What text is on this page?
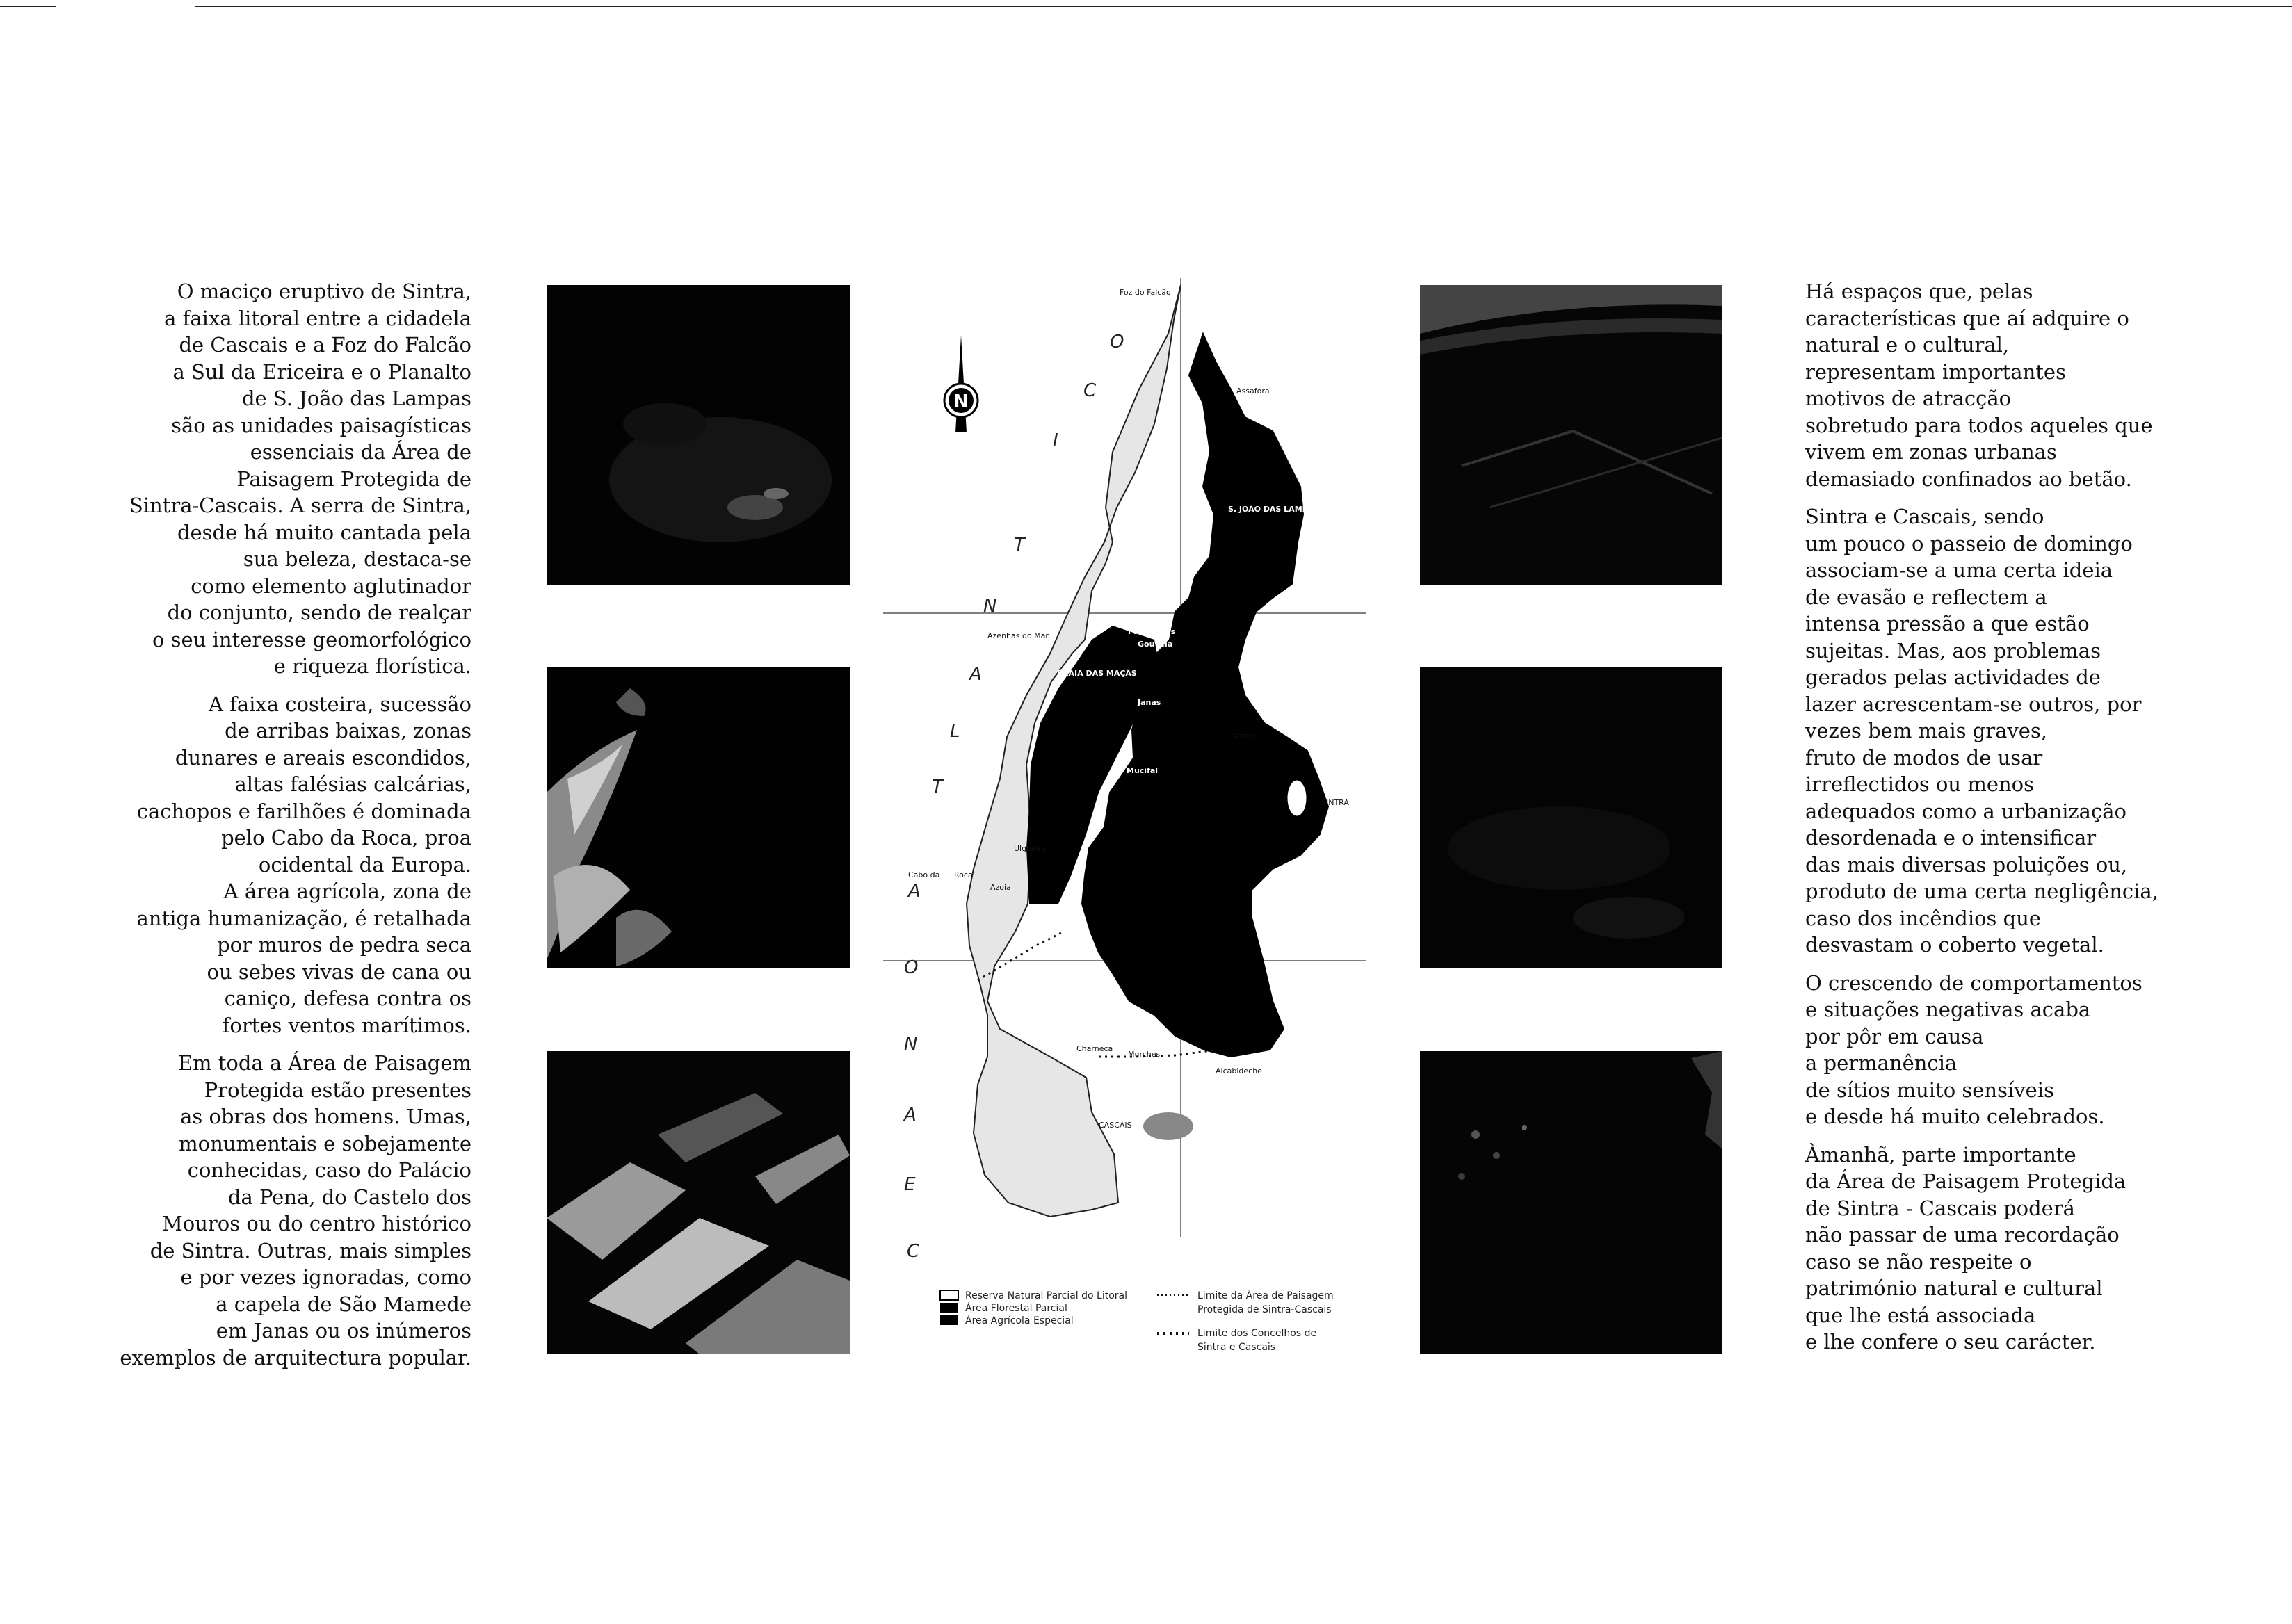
O maciço eruptivo de Sintra,
a faixa litoral entre a cidadela
de Cascais e a Foz do Falcão
a Sul da Ericeira e o Planalto
de S. João das Lampas
são as unidades paisagísticas
essenciais da Área de
Paisagem Protegida de
Sintra-Cascais. A serra de Sintra,
desde há muito cantada pela
sua beleza, destaca-se
como elemento aglutinador
do conjunto, sendo de realçar
o seu interesse geomorfológico
e riqueza florística.

A faixa costeira, sucessão
de arribas baixas, zonas
dunares e areais escondidos,
altas falésias calcárias,
cachopos e farilhões é dominada
pelo Cabo da Roca, proa
ocidental da Europa.
A área agrícola, zona de
antiga humanização, é retalhada
por muros de pedra seca
ou sebes vivas de cana ou
caniço, defesa contra os
fortes ventos marítimos.

Em toda a Área de Paisagem
Protegida estão presentes
as obras dos homens. Umas,
monumentais e sobejamente
conhecidas, caso do Palácio
da Pena, do Castelo dos
Mouros ou do centro histórico
de Sintra. Outras, mais simples
e por vezes ignoradas, como
a capela de São Mamede
em Janas ou os inúmeros
exemplos de arquitectura popular.

N
C
E
A
N
O
A
T
L
A
N
T
I
C
O
Foz do Falcão
Assafora
S. JOÃO DAS LAMPAS
Magoito
Azenhas do Mar	Fontanelas
Gouveia
PRAIA DAS MAÇÃS
Janas
Varzea
Mucifal
SINTRA
Ulgueira
Cabo da Roca
Azoia
Charneca
Murches
Alcabideche
CASCAIS
Reserva Natural Parcial do Litoral
Área Florestal Parcial
Área Agrícola Especial
Limite da Área de Paisagem
Protegida de Sintra-Cascais
Limite dos Concelhos de
Sintra e Cascais

Há espaços que, pelas
características que aí adquire o
natural e o cultural,
representam importantes
motivos de atracção
sobretudo para todos aqueles que
vivem em zonas urbanas
demasiado confinados ao betão.

Sintra e Cascais, sendo
um pouco o passeio de domingo
associam-se a uma certa ideia
de evasão e reflectem a
intensa pressão a que estão
sujeitas. Mas, aos problemas
gerados pelas actividades de
lazer acrescentam-se outros, por
vezes bem mais graves,
fruto de modos de usar
irreflectidos ou menos
adequados como a urbanização
desordenada e o intensificar
das mais diversas poluições ou,
produto de uma certa negligência,
caso dos incêndios que
desvastam o coberto vegetal.

O crescendo de comportamentos
e situações negativas acaba
por pôr em causa
a permanência
de sítios muito sensíveis
e desde há muito celebrados.

Àmanhã, parte importante
da Área de Paisagem Protegida
de Sintra - Cascais poderá
não passar de uma recordação
caso se não respeite o
património natural e cultural
que lhe está associada
e lhe confere o seu carácter.
